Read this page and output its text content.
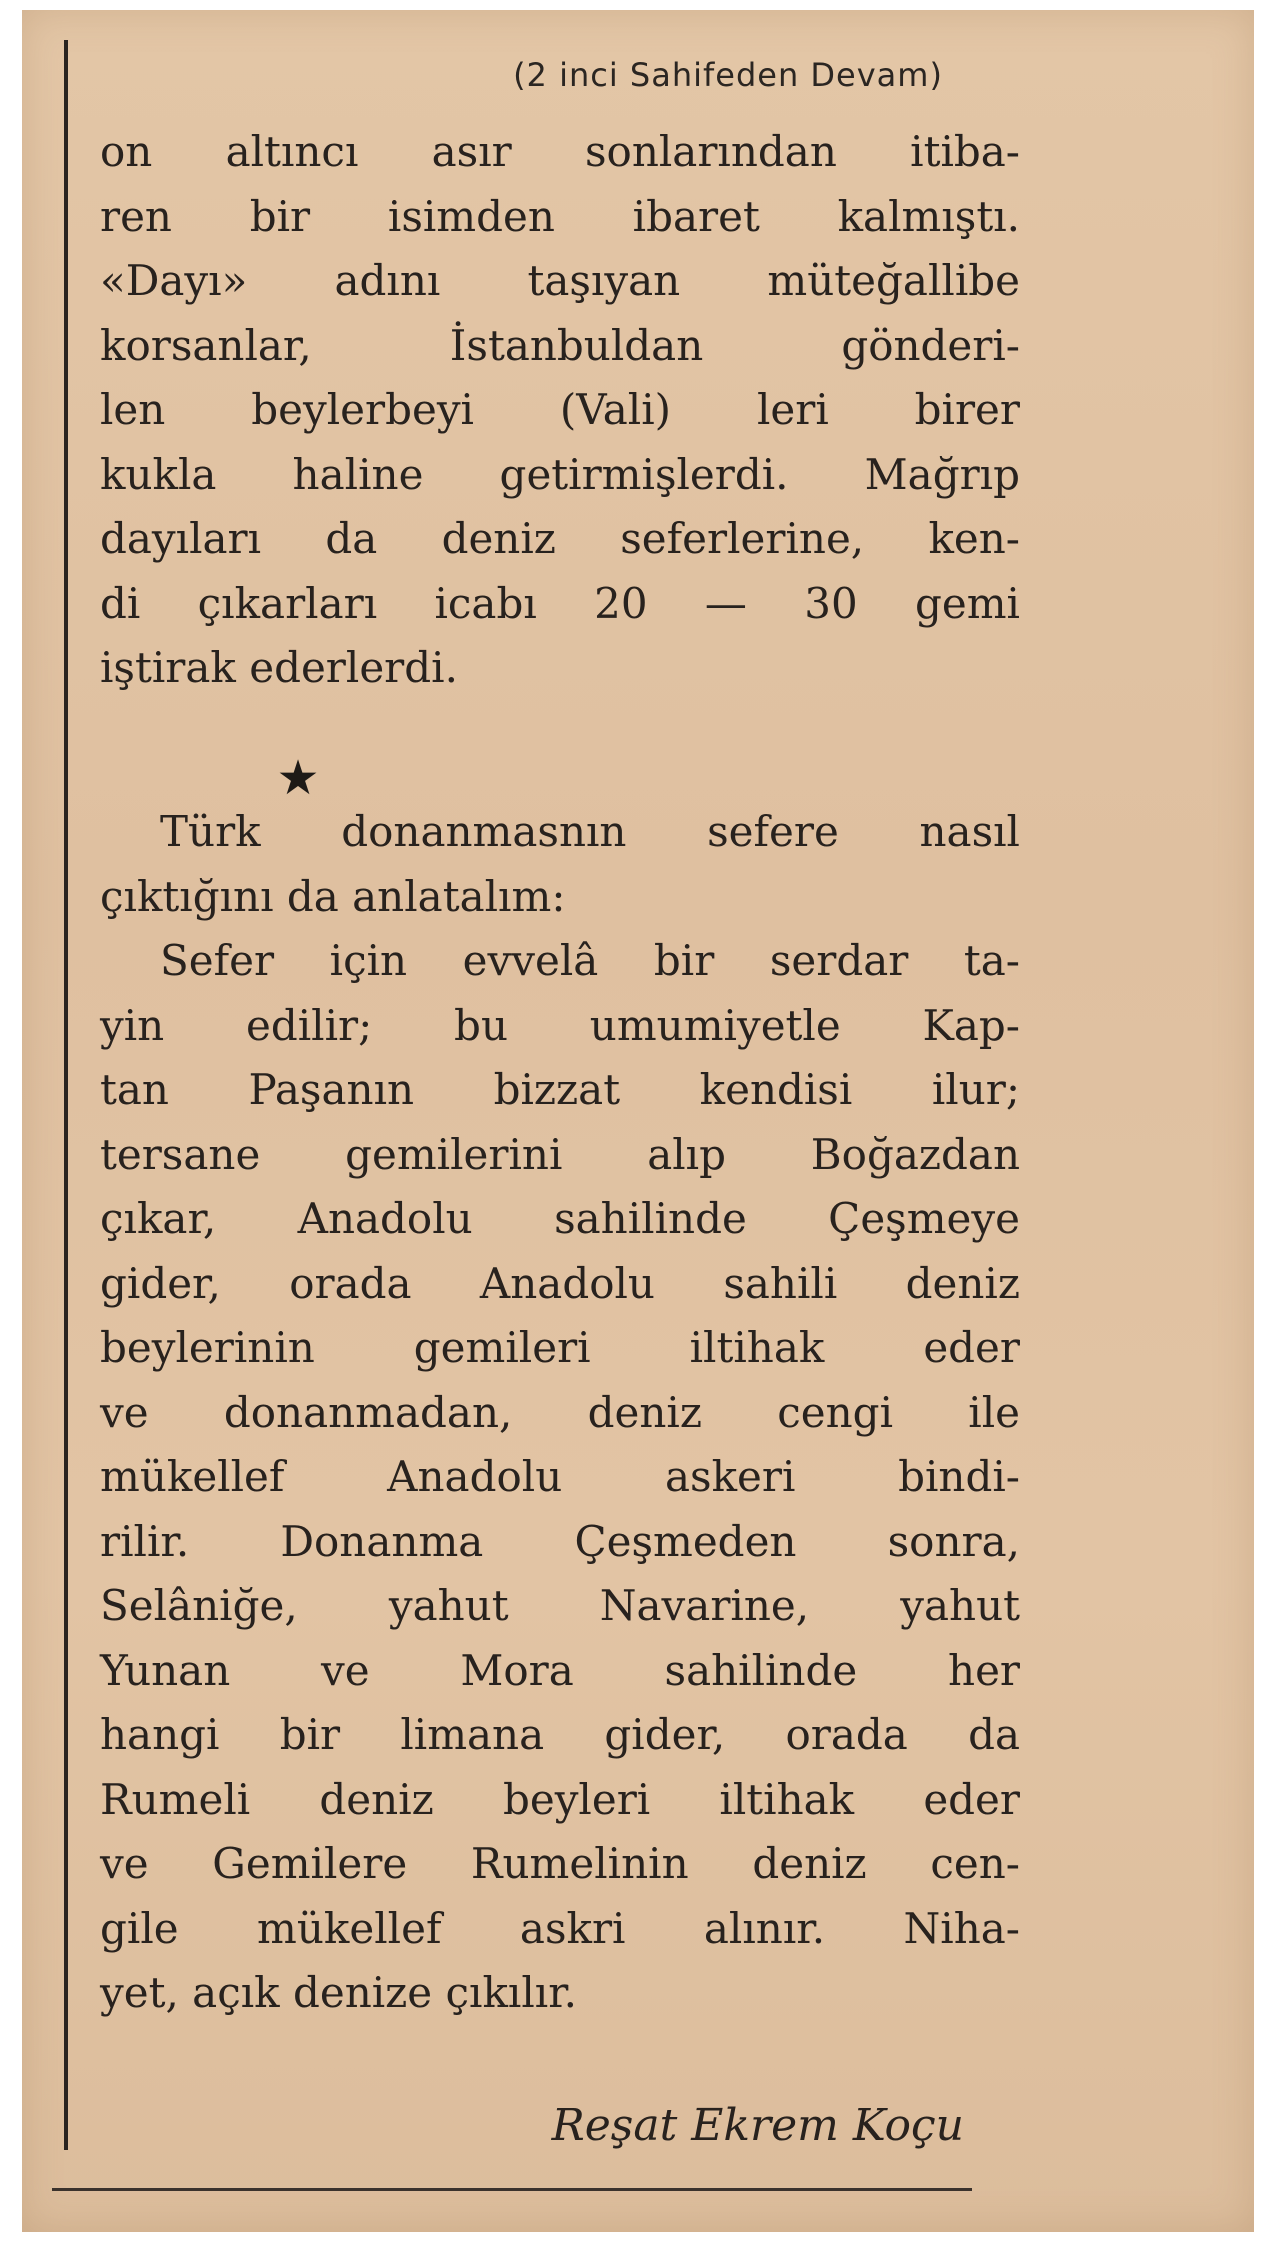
(2 inci Sahifeden Devam)
on altıncı asır sonlarından itiba-
ren bir isimden ibaret kalmıştı.
«Dayı» adını taşıyan müteğallibe
korsanlar, İstanbuldan gönderi-
len beylerbeyi (Vali) leri birer
kukla haline getirmişlerdi. Mağrıp
dayıları da deniz seferlerine, ken-
di çıkarları icabı 20 — 30 gemi
iştirak ederlerdi.
★
Türk donanmasnın sefere nasıl
çıktığını da anlatalım:
Sefer için evvelâ bir serdar ta-
yin edilir; bu umumiyetle Kap-
tan Paşanın bizzat kendisi ilur;
tersane gemilerini alıp Boğazdan
çıkar, Anadolu sahilinde Çeşmeye
gider, orada Anadolu sahili deniz
beylerinin gemileri iltihak eder
ve donanmadan, deniz cengi ile
mükellef Anadolu askeri bindi-
rilir. Donanma Çeşmeden sonra,
Selâniğe, yahut Navarine, yahut
Yunan ve Mora sahilinde her
hangi bir limana gider, orada da
Rumeli deniz beyleri iltihak eder
ve Gemilere Rumelinin deniz cen-
gile mükellef askri alınır. Niha-
yet, açık denize çıkılır.
Reşat Ekrem Koçu
